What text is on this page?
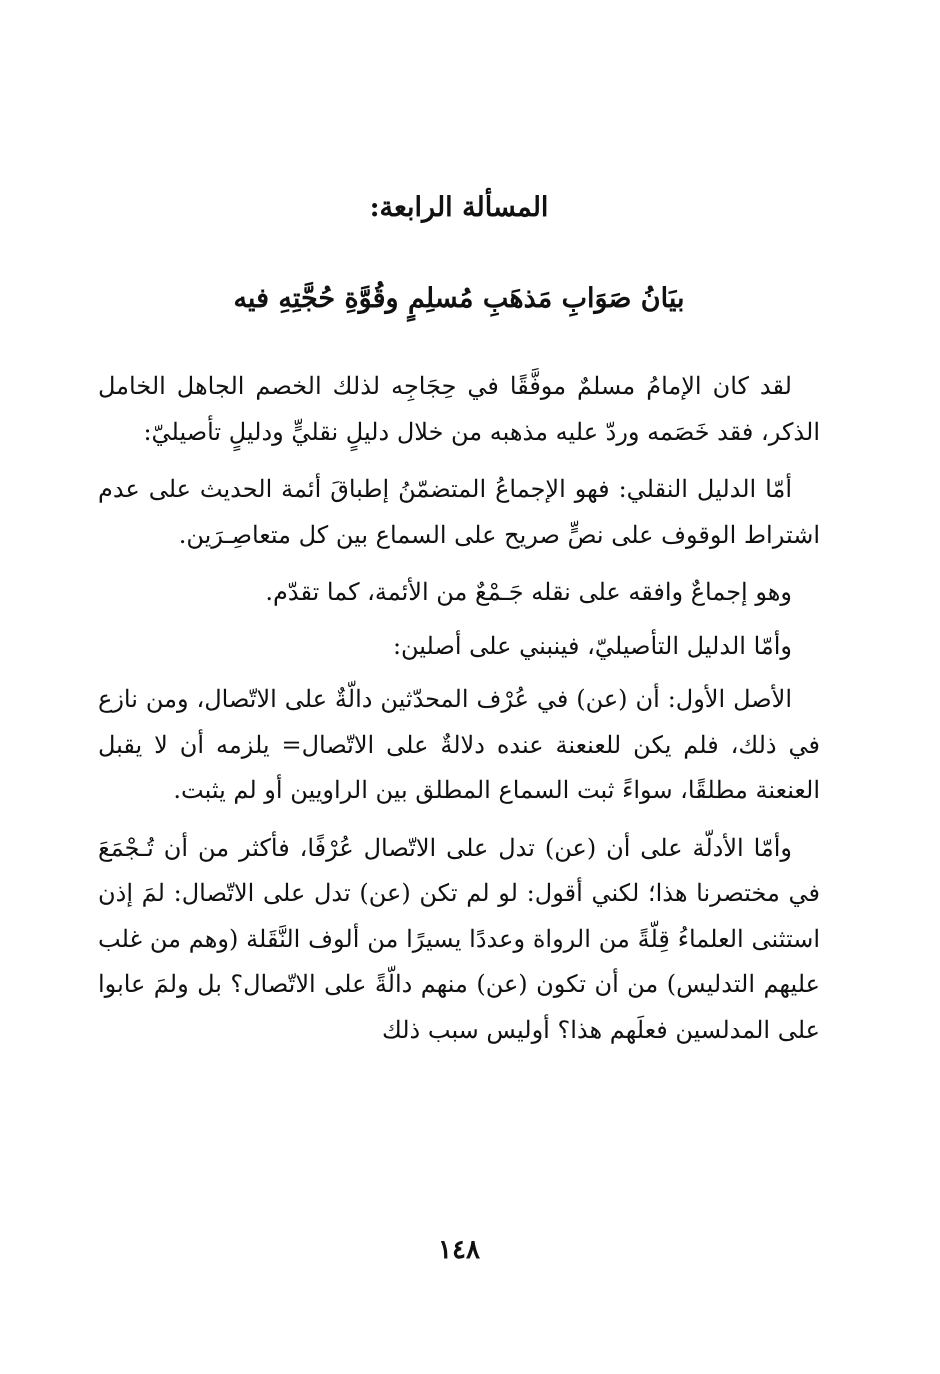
المسألة الرابعة:
بيَانُ صَوَابِ مَذهَبِ مُسلِمٍ وقُوَّةِ حُجَّتِهِ فيه

لقد كان الإمامُ مسلمٌ موفَّقًا في حِجَاجِه لذلك الخصم الجاهل الخامل الذكر، فقد خَصَمه وردّ عليه مذهبه من خلال دليلٍ نقليٍّ ودليلٍ تأصيليّ:

أمّا الدليل النقلي: فهو الإجماعُ المتضمّنُ إطباقَ أئمة الحديث على عدم اشتراط الوقوف على نصٍّ صريح على السماع بين كل متعاصِـرَين.

وهو إجماعٌ وافقه على نقله جَـمْعٌ من الأئمة، كما تقدّم.

وأمّا الدليل التأصيليّ، فينبني على أصلين:

الأصل الأول: أن (عن) في عُرْف المحدّثين دالّةٌ على الاتّصال، ومن نازع في ذلك، فلم يكن للعنعنة عنده دلالةٌ على الاتّصال= يلزمه أن لا يقبل العنعنة مطلقًا، سواءً ثبت السماع المطلق بين الراويين أو لم يثبت.

وأمّا الأدلّة على أن (عن) تدل على الاتّصال عُرْفًا، فأكثر من أن تُـجْمَعَ في مختصرنا هذا؛ لكني أقول: لو لم تكن (عن) تدل على الاتّصال: لمَ إذن استثنى العلماءُ قِلّةً من الرواة وعددًا يسيرًا من ألوف النَّقَلة (وهم من غلب عليهم التدليس) من أن تكون (عن) منهم دالّةً على الاتّصال؟ بل ولمَ عابوا على المدلسين فعلَهم هذا؟ أوليس سبب ذلك

١٤٨
